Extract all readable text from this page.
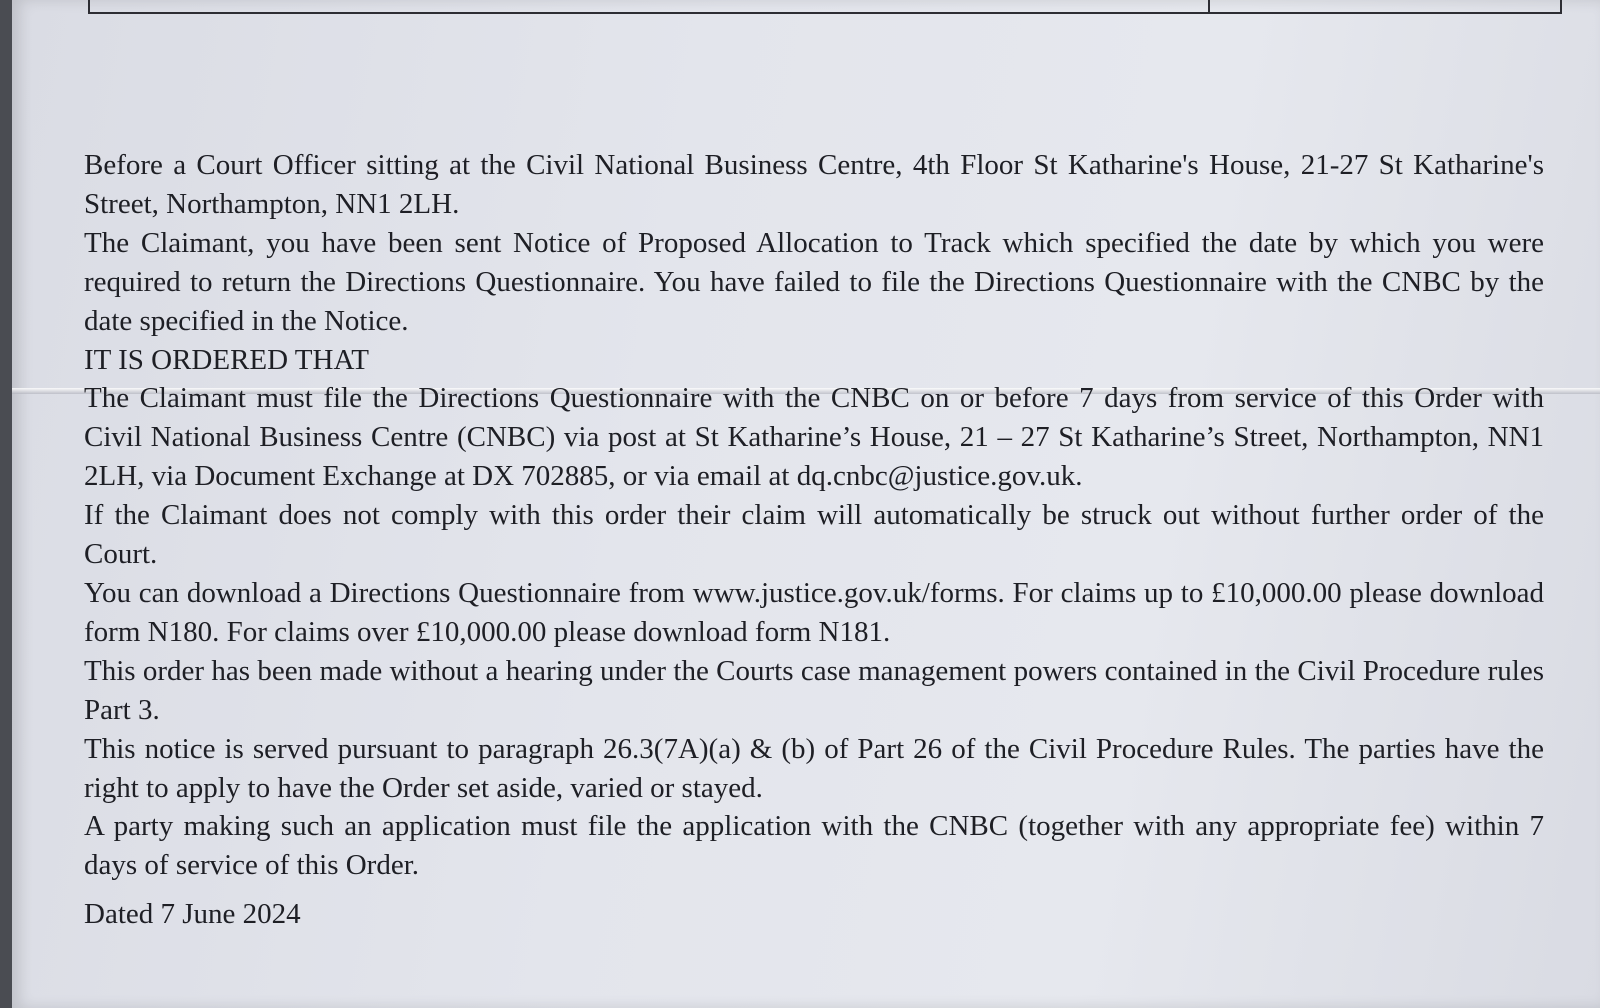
Before a Court Officer sitting at the Civil National Business Centre, 4th Floor St Katharine's House, 21-27 St Katharine's Street, Northampton, NN1 2LH.

The Claimant, you have been sent Notice of Proposed Allocation to Track which specified the date by which you were required to return the Directions Questionnaire. You have failed to file the Directions Questionnaire with the CNBC by the date specified in the Notice.

IT IS ORDERED THAT

The Claimant must file the Directions Questionnaire with the CNBC on or before 7 days from service of this Order with Civil National Business Centre (CNBC) via post at St Katharine’s House, 21 – 27 St Katharine’s Street, Northampton, NN1 2LH, via Document Exchange at DX 702885, or via email at dq.cnbc@justice.gov.uk.

If the Claimant does not comply with this order their claim will automatically be struck out without further order of the Court.

You can download a Directions Questionnaire from www.justice.gov.uk/forms. For claims up to £10,000.00 please download form N180. For claims over £10,000.00 please download form N181.

This order has been made without a hearing under the Courts case management powers contained in the Civil Procedure rules Part 3.

This notice is served pursuant to paragraph 26.3(7A)(a) & (b) of Part 26 of the Civil Procedure Rules. The parties have the right to apply to have the Order set aside, varied or stayed.

A party making such an application must file the application with the CNBC (together with any appropriate fee) within 7 days of service of this Order.

Dated 7 June 2024
